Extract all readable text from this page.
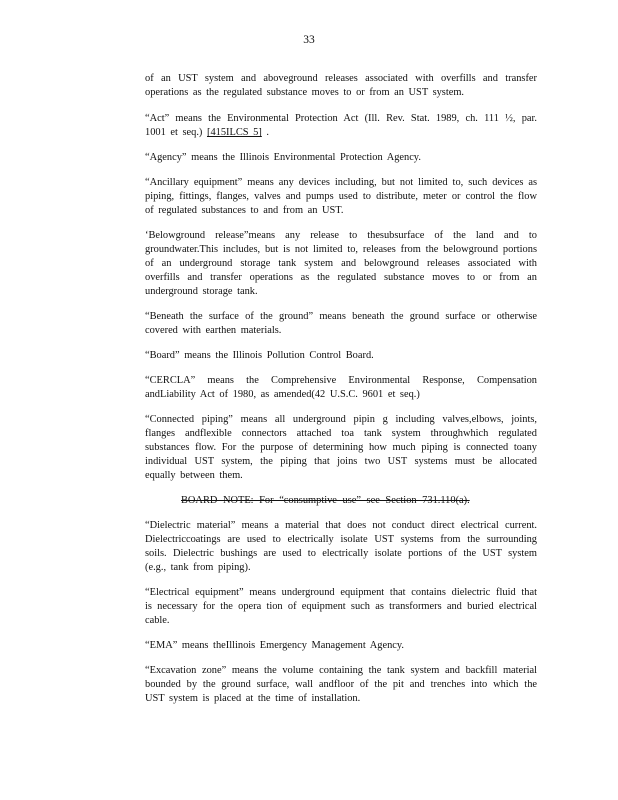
33

of an UST system and aboveground releases associated with overfills and transfer operations as the regulated substance moves to or from an UST system.

“Act” means the Environmental Protection Act (Ill. Rev. Stat. 1989, ch. 111 ½, par. 1001 et seq.) [415ILCS 5] .

“Agency” means the Illinois Environmental Protection Agency.

“Ancillary equipment” means any devices including, but not limited to, such devices as piping, fittings, flanges, valves and pumps used to distribute, meter or control the flow of regulated substances to and from an UST.

‘Belowground release”means any release to thesubsurface of the land and to groundwater.This includes, but is not limited to, releases from the belowground portions of an underground storage tank system and belowground releases associated with overfills and transfer operations as the regulated substance moves to or from an underground storage tank.

“Beneath the surface of the ground” means beneath the ground surface or otherwise covered with earthen materials.

“Board” means the Illinois Pollution Control Board.

“CERCLA” means the Comprehensive Environmental Response, Compensation andLiability Act of 1980, as amended(42 U.S.C. 9601 et seq.)

“Connected piping” means all underground pipin g including valves,elbows, joints, flanges andflexible connectors attached toa tank system throughwhich regulated substances flow. For the purpose of determining how much piping is connected toany individual UST system, the piping that joins two UST systems must be allocated equally between them.

BOARD NOTE: For “consumptive use” see Section 731.110(a).

“Dielectric material” means a material that does not conduct direct electrical current. Dielectriccoatings are used to electrically isolate UST systems from the surrounding soils. Dielectric bushings are used to electrically isolate portions of the UST system (e.g., tank from piping).

“Electrical equipment” means underground equipment that contains dielectric fluid that is necessary for the opera tion of equipment such as transformers and buried electrical cable.

“EMA” means theIllinois Emergency Management Agency.

“Excavation zone” means the volume containing the tank system and backfill material bounded by the ground surface, wall andfloor of the pit and trenches into which the UST system is placed at the time of installation.
